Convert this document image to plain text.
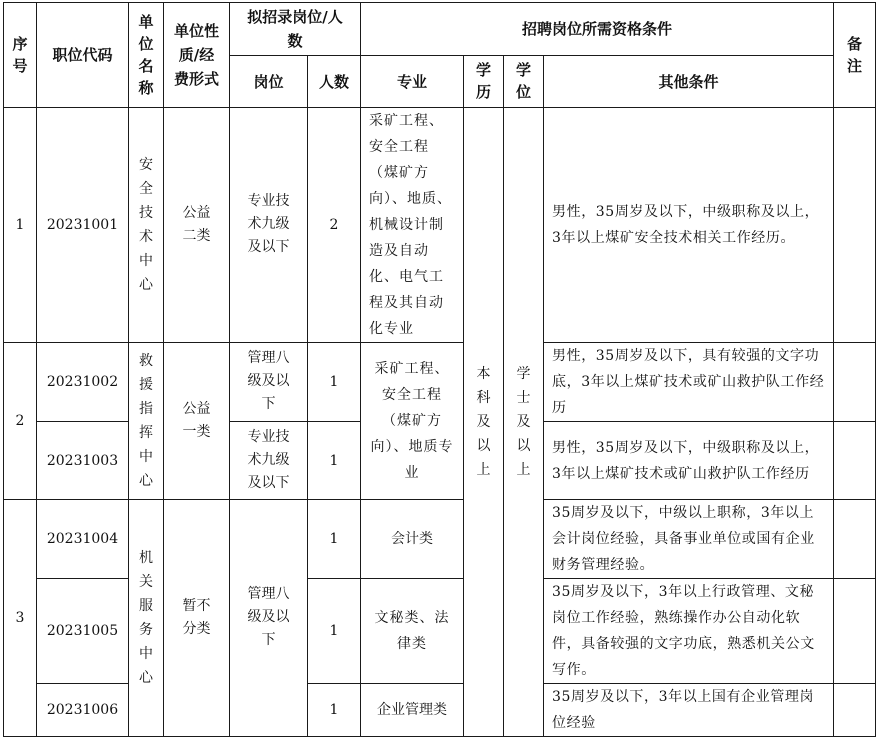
序号	职位代码	单位名称	单位性质/经费形式	拟招录岗位/人数		招聘岗位所需资格条件				备注
				岗位	人数	专业	学历	学位	其他条件	
1	20231001	安全技术中心	公益二类	专业技术九级及以下	2	采矿工程、安全工程（煤矿方向）、地质、机械设计制造及自动化、电气工程及其自动化专业	本科及以上	学士及以上	男性，35周岁及以下，中级职称及以上，3年以上煤矿安全技术相关工作经历。	

2	20231002	救援指挥中心	公益一类	管理八级及以下	1	采矿工程、安全工程（煤矿方向）、地质专业			男性，35周岁及以下，具有较强的文字功底，3年以上煤矿技术或矿山救护队工作经历	

	20231003			专业技术九级及以下	1				男性，35周岁及以下，中级职称及以上，3年以上煤矿技术或矿山救护队工作经历	

3	20231004	机关服务中心	暂不分类	管理八级及以下	1	会计类			35周岁及以下，中级以上职称，3年以上会计岗位经验，具备事业单位或国有企业财务管理经验。	

	20231005				1	文秘类、法律类			35周岁及以下，3年以上行政管理、文秘岗位工作经验，熟练操作办公自动化软件，具备较强的文字功底，熟悉机关公文写作。	

	20231006				1	企业管理类			35周岁及以下，3年以上国有企业管理岗位经验	
